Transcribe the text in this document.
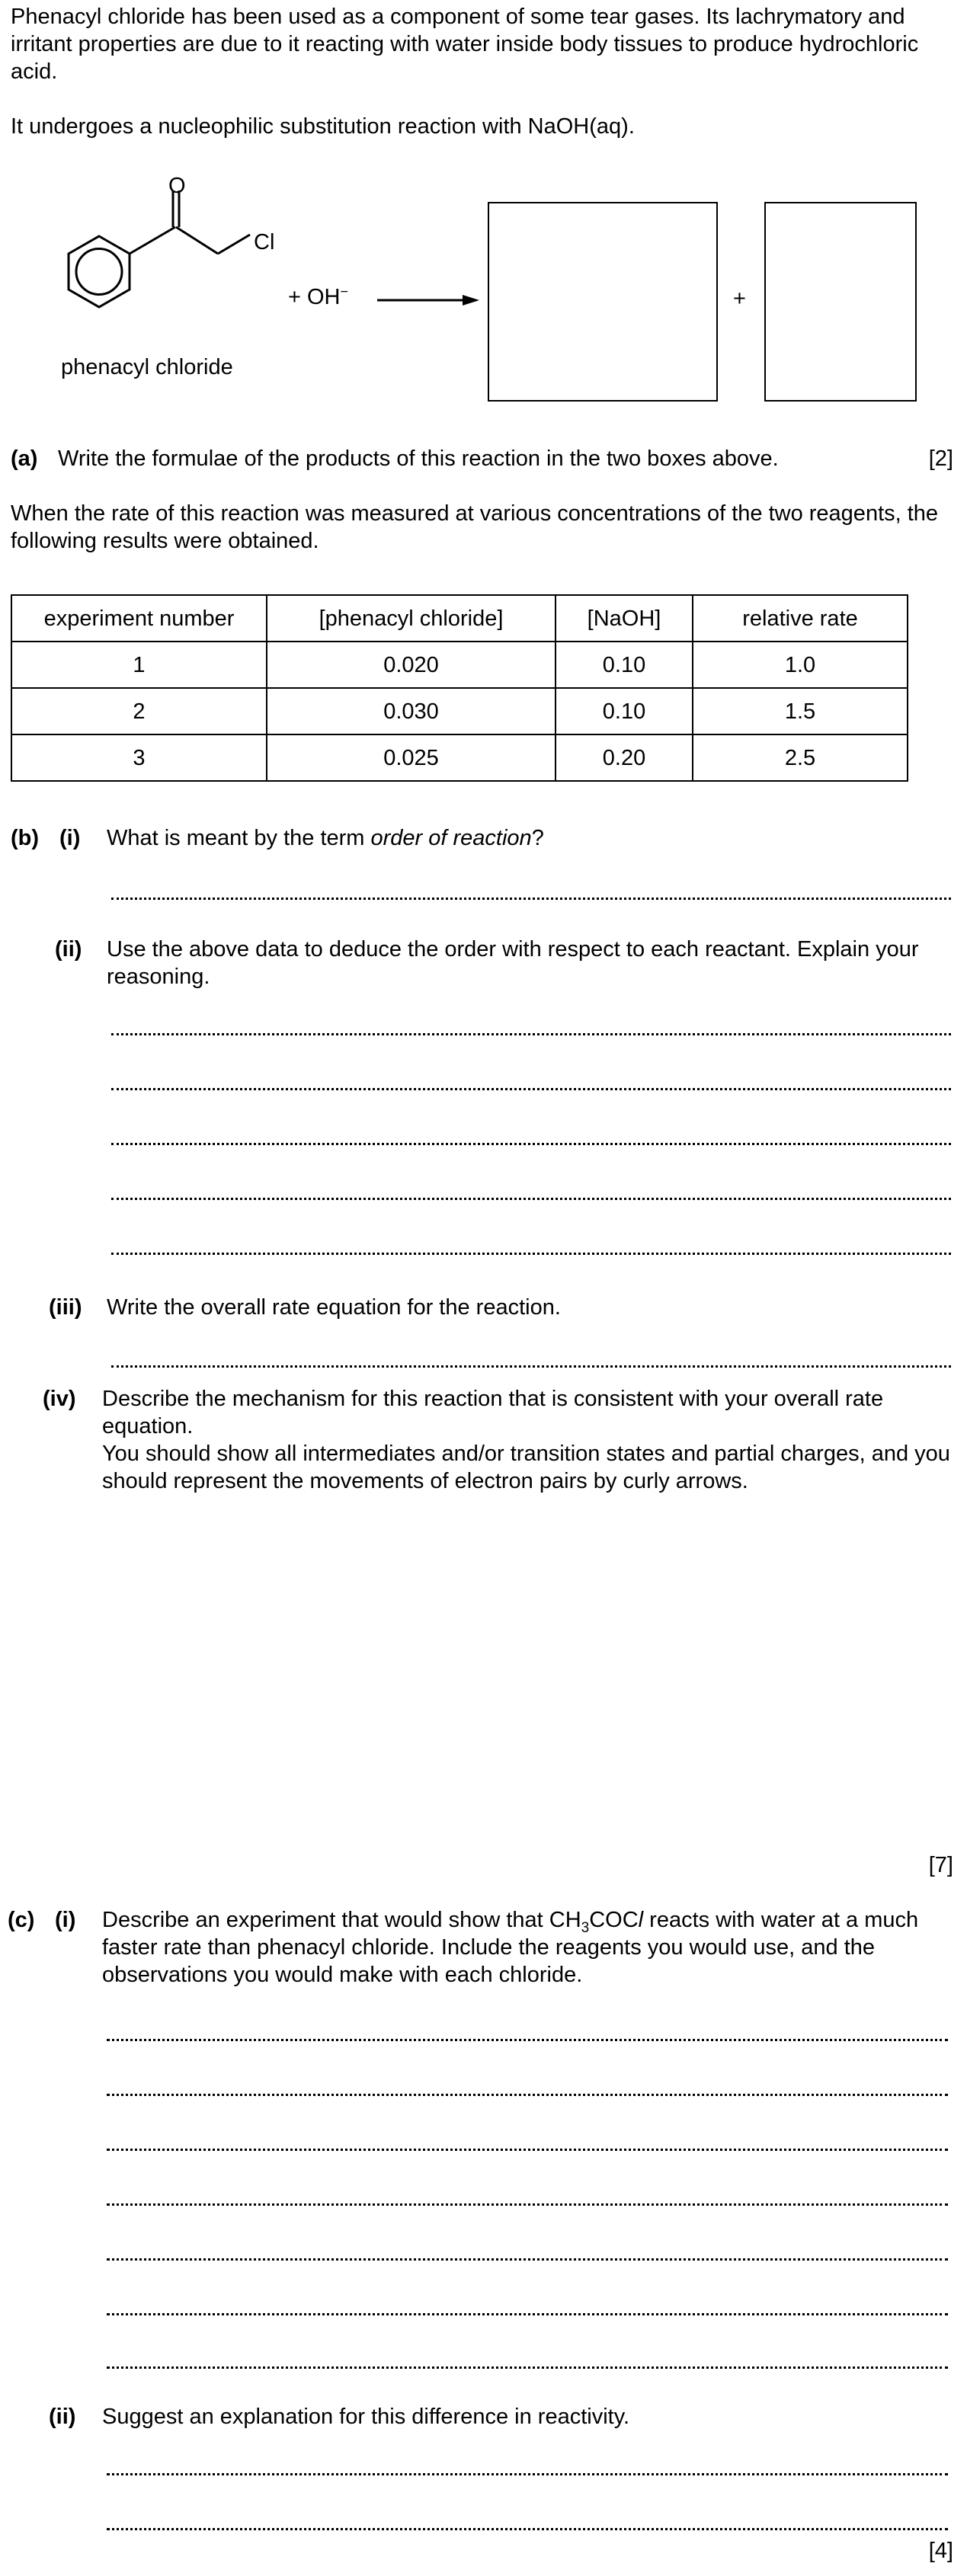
Phenacyl chloride has been used as a component of some tear gases. Its lachrymatory and irritant properties are due to it reacting with water inside body tissues to produce hydrochloric acid.
It undergoes a nucleophilic substitution reaction with NaOH(aq).
O
Cl
phenacyl chloride
+ OH−	+
(a) Write the formulae of the products of this reaction in the two boxes above.	[2]
When the rate of this reaction was measured at various concentrations of the two reagents, the following results were obtained.
experiment number	[phenacyl chloride]	[NaOH]	relative rate
1	0.020	0.10	1.0
2	0.030	0.10	1.5
3	0.025	0.20	2.5
(b) (i) What is meant by the term order of reaction?
(ii) Use the above data to deduce the order with respect to each reactant. Explain your reasoning.
(iii) Write the overall rate equation for the reaction.
(iv) Describe the mechanism for this reaction that is consistent with your overall rate equation.
You should show all intermediates and/or transition states and partial charges, and you should represent the movements of electron pairs by curly arrows.
[7]
(c) (i) Describe an experiment that would show that $CH_3COCl$ reacts with water at a much faster rate than phenacyl chloride. Include the reagents you would use, and the observations you would make with each chloride.
(ii) Suggest an explanation for this difference in reactivity.
[4]
